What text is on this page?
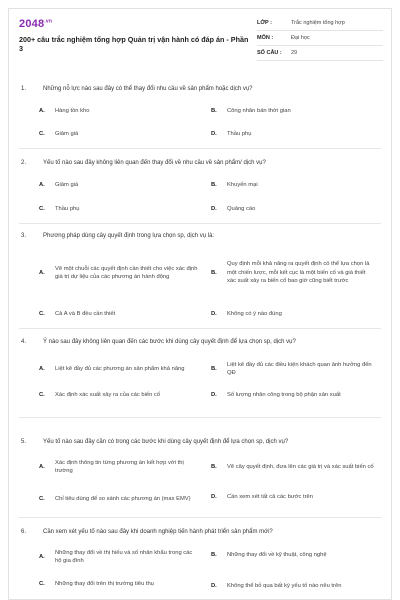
$2048^{.vn}$
200+ câu trắc nghiệm tổng hợp Quản trị vận hành có đáp án - Phần 3
LỚP :	Trắc nghiệm tổng hợp
MÔN :	Đại học
SỐ CÂU :	29
1.	Những nỗ lực nào sau đây có thể thay đổi nhu cầu về sản phẩm hoặc dịch vụ?
A.	Hàng tồn kho	B.	Công nhân bán thời gian
C.	Giảm giá	D.	Thầu phụ
2.	Yếu tố nào sau đây không liên quan đến thay đổi về nhu cầu về sản phẩm/ dịch vụ?
A.	Giảm giá	B.	Khuyến mại
C.	Thầu phụ	D.	Quảng cáo
3.	Phương pháp dùng cây quyết định trong lựa chọn sp, dịch vụ là:
A.
Vẽ một chuỗi các quyết định cần thiết cho việc xác định giá trị dự liệu của các phương án hành động
B.
Quy định mỗi khả năng ra quyết định có thể lựa chọn là một chiến lược, mỗi kết cục là một biến cố và giá thiết xác suất xảy ra biến cố bao giờ cũng biết trước
C.	Cả A và B đều cần thiết	D.	Không có ý nào đúng
4.	Ý nào sau đây không liên quan đến các bước khi dùng cây quyết định để lựa chọn sp, dịch vụ?
A.	Liệt kê đầy đủ các phương án sản phẩm khả năng	B.
Liệt kê đầy đủ các điều kiện khách quan ảnh hưởng đến QĐ
C.	Xác định xác suất xảy ra của các biến cố	D.	Số lượng nhân công trong bộ phận sản xuất
5.	Yếu tố nào sau đây cần có trong các bước khi dùng cây quyết định để lựa chọn sp, dịch vụ?
A.
Xác định thông tin từng phương án kết hợp với thị trường
B.	Vẽ cây quyết định, đưa lên các giá trị và xác suất biến cố
C.	Chỉ tiêu dùng để so sánh các phương án (max EMV)	D.	Cần xem xét tất cả các bước trên
6.	Cần xem xét yếu tố nào sau đây khi doanh nghiệp tiến hành phát triển sản phẩm mới?
A.
Những thay đổi về thị hiếu và số nhân khẩu trong các hộ gia đình
B.	Những thay đổi về kỹ thuật, công nghệ
C.	Những thay đổi trên thị trường tiêu thụ	D.	Không thể bỏ qua bất kỳ yếu tố nào nêu trên
